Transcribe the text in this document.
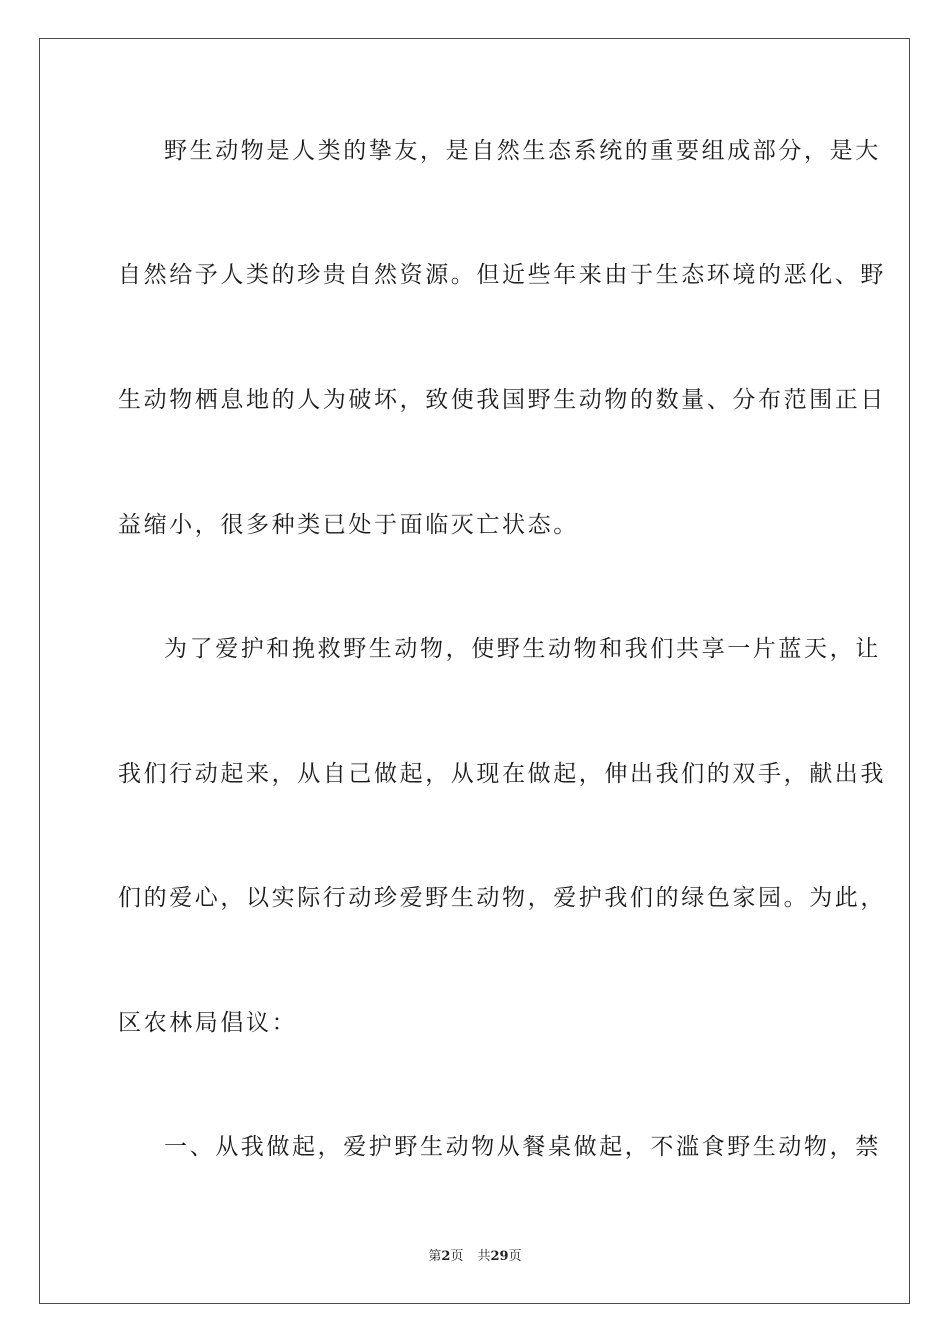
野生动物是人类的挚友，是自然生态系统的重要组成部分，是大
自然给予人类的珍贵自然资源。但近些年来由于生态环境的恶化、野
生动物栖息地的人为破坏，致使我国野生动物的数量、分布范围正日
益缩小，很多种类已处于面临灭亡状态。
为了爱护和挽救野生动物，使野生动物和我们共享一片蓝天，让
我们行动起来，从自己做起，从现在做起，伸出我们的双手，献出我
们的爱心，以实际行动珍爱野生动物，爱护我们的绿色家园。为此，
区农林局倡议：
一、从我做起，爱护野生动物从餐桌做起，不滥食野生动物，禁
第2页 共29页
